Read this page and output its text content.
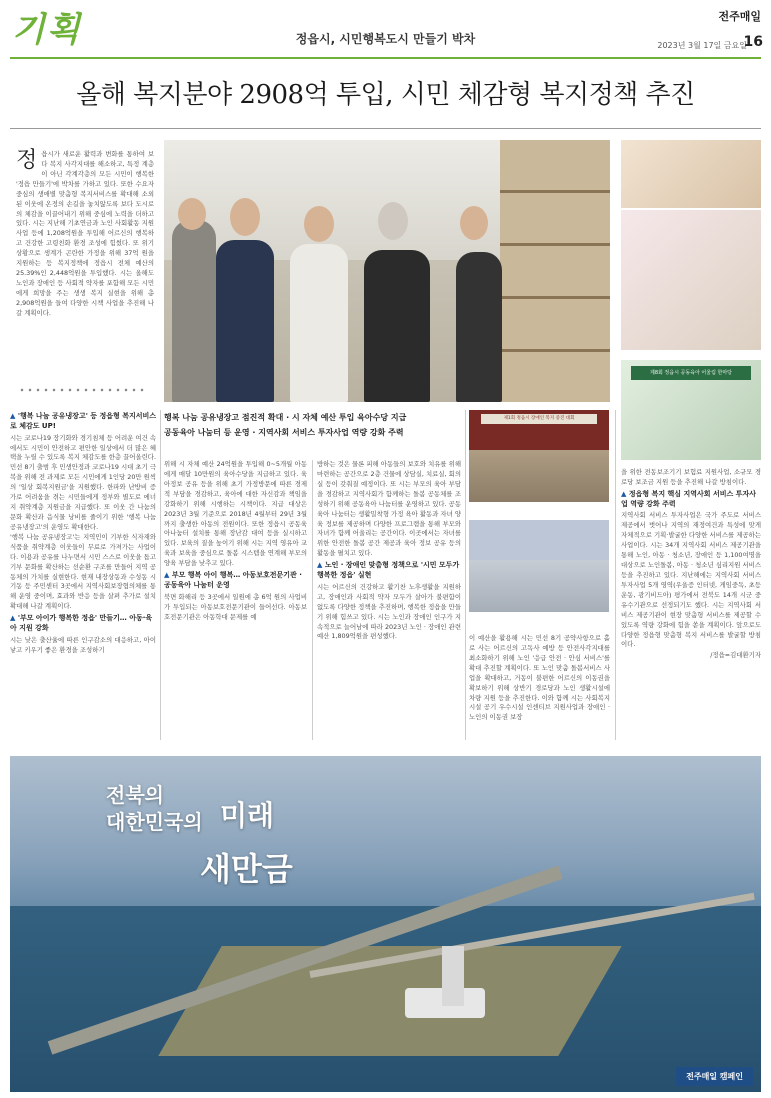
기획	정읍시, 시민행복도시 만들기 박차
전주매일
2023년 3월 17일 금요일
16
올해 복지분야 2908억 투입, 시민 체감형 복지정책 추진
정 읍시가 새로운 활력과 변화를 통하여 보다 복지 사각지대를 해소하고, 특정 계층이 아닌 각계각층의 모든 시민이 행복한 '정읍 만들기'에 박차를 가하고 있다. 또한 수요자 중심의 생애별 맞춤형 복지서비스를 확대해 소외된 이웃에 온정의 손길을 놓치않도록 보다 도시로의 체감을 이끌어내기 위해 중심에 노력을 더하고 있다. 시는 지난해 기초연금과 노인 사회활동 지원사업 등에 1,208억원을 투입해 어르신의 행복하고 건강한 고령친화 환경 조성에 힘썼다. 또 위기 상황으로 생계가 곤란한 가정을 위해 37억 원을 지원하는 등 복지정책에 정읍시 전체 예산의 25.39%인 2,448억원을 투입했다. 시는 올해도 노인과 장애인 등 사회적 약자를 포함해 모든 시민에게 희망을 주는 생생 복지 실현을 위해 총 2,908억원을 들여 다양한 시책 사업을 추진해 나갈 계획이다.
제8회 정읍시 공동육아 어울림 한마당
행복 나눔 공유냉장고 점진적 확대 · 시 자체 예산 투입 육아수당 지급
공동육아 나눔터 등 운영 · 지역사회 서비스 투자사업 역량 강화 주력
제1회 정읍시 장애인 복지 증진 대회
▲ '행복 나눔 공유냉장고' 등 정읍형 복지서비스로 체감도 UP!

시는 코로나19 장기화와 경기침체 등 어려운 여건 속에서도 시민이 안전하고 편안한 일상에서 더 많은 혜택을 누릴 수 있도록 복지 체감도를 한층 끌어올린다. 민선 8기 출범 후 민생안정과 코로나19 시대 초기 극복을 위해 전 과제로 모든 시민에게 1인당 20만 원씩의 '일상 회복지원금'을 지원했다. 한파와 난방비 증가로 어려움을 겪는 시민들에게 정부와 별도로 에너지 취약계층 지원금을 지급했다. 또 이웃 간 나눔의 문화 확산과 음식물 낭비를 줄이기 위한 '행복 나눔 공유냉장고'의 운영도 확대한다.

'행복 나눔 공유냉장고'는 지역민이 기부한 식자재와 식품을 취약계층 이웃들이 무료로 가져가는 사업이다. 이용과 공유를 나누면서 시민 스스로 이웃을 돕고 기부 문화를 확산하는 선순환 구조를 만들어 지역 공동체의 가치를 실현한다. 현재 내장상동과 수성동 시기동 등 주민센터 3곳에서 지역사회보장협의체를 통해 운영 중이며, 효과와 반응 등을 살펴 추가로 설치 확대해 나갈 계획이다.

▲ '부모 아이가 행복한 정읍' 만들기… 아동·육아 지원 강화

시는 낮은 출산율에 따른 인구감소의 대응하고, 아이 낳고 키우기 좋은 환경을 조성하기

위해 시 자체 예산 24억원을 투입해 0~5개월 아동에게 매달 10만원의 육아수당을 지급하고 있다. 육아정보 공유 등을 위해 초기 가정방문에 따른 경제적 부담을 경감하고, 육아에 대한 자신감과 책임을 강화하기 위해 시행하는 시책이다. 지급 대상은 2023년 3월 기준으로 2018년 4월부터 29년 3월까지 출생한 아동의 전원이다. 또한 정읍시 공동육아나눔터 설치를 통해 장난감 대여 등을 실시하고 있다. 보육의 질을 높이기 위해 시는 지역 영유아 교육과 보육을 중심으로 돌봄 시스템을 연계해 부모의 양육 부담을 낮추고 있다.

▲ 부모 행복 아이 행복… 아동보호전문기관 · 공동육아 나눔터 운영

북면 화해리 등 3곳에서 일원에 총 6억 원의 사업비가 투입되는 아동보호전문기관이 들어선다. 아동보호전문기관은 아동학대 문제를 예

방하는 것은 물론 피해 아동들의 보호와 치유를 위해 마련하는 공간으로 2층 건물에 상담실, 치료실, 회의실 등이 갖춰질 예정이다. 또 시는 부모의 육아 부담을 경감하고 지역사회가 함께하는 돌봄 공동체를 조성하기 위해 공동육아 나눔터를 운영하고 있다. 공동육아 나눔터는 생활밀착형 가정 육아 활동과 자녀 양육 정보를 제공하며 다양한 프로그램을 통해 부모와 자녀가 함께 어울리는 공간이다. 이곳에서는 자녀를 위한 안전한 돌봄 공간 제공과 육아 정보 공유 등의 활동을 펼치고 있다.

▲ 노인 · 장애인 맞춤형 정책으로 '시민 모두가 행복한 정읍' 실현

시는 어르신의 건강하고 활기찬 노후생활을 지원하고, 장애인과 사회적 약자 모두가 살아가 불편함이 없도록 다양한 정책을 추진하며, 행복한 정읍을 만들기 위해 힘쓰고 있다. 시는 노인과 장애인 인구가 지속적으로 늘어남에 따라 2023년 노인 · 장애인 관련 예산 1,809억원을 편성했다.	이 예산을 활용해 시는 민선 8기 공약사항으로 홀로 사는 어르신의 고독사 예방 등 안전사각지대를 최소화하기 위해 노인 '응급 안전 · 안심 서비스'를 확대 추진할 계획이다. 또 노인 맞춤 돌봄서비스 사업을 확대하고, 거동이 불편한 어르신의 이동권을 확보하기 위해 상반기 경로당과 노인 생활시설에 차량 지원 등을 추진한다. 이와 함께 시는 사회복지시설 공기 우수시설 인센티브 지원사업과 장애인 · 노인의 이동권 보장

을 위한 전동보조기기 보험료 지원사업, 소규모 경로당 보조금 지원 등을 추진해 나갈 방침이다.

▲ 정읍형 복지 핵심 지역사회 서비스 투자사업 역량 강화 주력

지역사회 서비스 투자사업은 국가 주도로 서비스 제공에서 벗어나 지역의 재정여건과 특성에 맞게 자체적으로 기획·발굴한 다양한 서비스를 제공하는 사업이다. 시는 34개 지역사회 서비스 제공기관을 통해 노인, 아동 · 청소년, 장애인 등 1,100여명을 대상으로 노인돌봄, 아동 · 청소년 심리지원 서비스 등을 추진하고 있다. 지난해에는 지역사회 서비스 투자사업 5개 영역(우울증 인터넷, 게임중독, 초등 운동, 광기비드아) 평가에서 전북도 14개 시군 중 유수기관으로 선정되기도 했다. 시는 지역사회 서비스 제공기관이 현장 맞춤형 서비스를 제공할 수 있도록 역량 강화에 힘을 쏟을 계획이다. 앞으로도 다양한 정읍형 맞춤형 복지 서비스를 발굴할 방침이다.

/정읍=김대환기자
전북의
대한민국의 미래
새만금
전주매일 캠페인
